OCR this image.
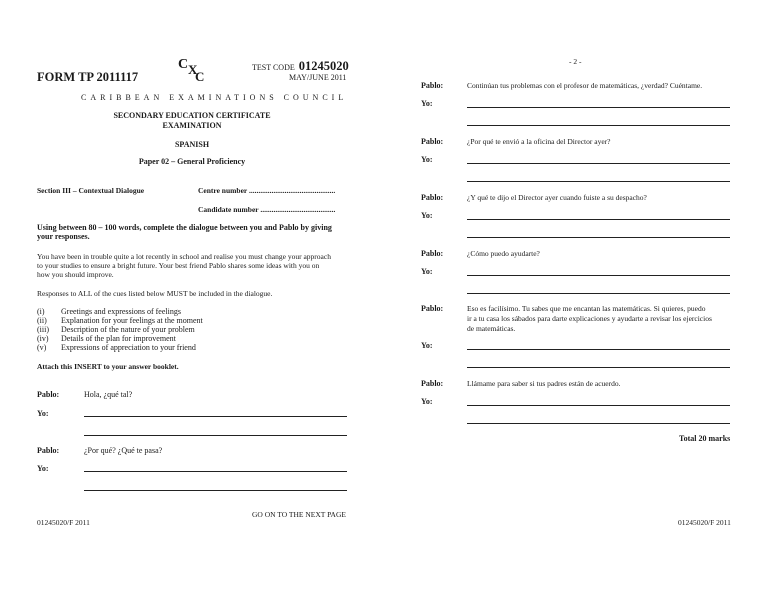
FORM TP 2011117
C X
C
TEST CODE 01245020
MAY/JUNE 2011
CARIBBEAN EXAMINATIONS COUNCIL
SECONDARY EDUCATION CERTIFICATE
EXAMINATION
SPANISH
Paper 02 – General Proficiency
Section III – Contextual Dialogue	Centre number ..............................................
Candidate number ........................................
Using between 80 – 100 words, complete the dialogue between you and Pablo by giving
your responses.
You have been in trouble quite a lot recently in school and realise you must change your approach
to your studies to ensure a bright future. Your best friend Pablo shares some ideas with you on
how you should improve.
Responses to ALL of the cues listed below MUST be included in the dialogue.
(i) Greetings and expressions of feelings
(ii) Explanation for your feelings at the moment
(iii) Description of the nature of your problem
(iv) Details of the plan for improvement
(v) Expressions of appreciation to your friend
Attach this INSERT to your answer booklet.
Pablo:	Hola, ¿qué tal?
Yo:
Pablo:	¿Por qué? ¿Qué te pasa?
Yo:
GO ON TO THE NEXT PAGE
01245020/F 2011
- 2 -
Pablo:	Continúan tus problemas con el profesor de matemáticas, ¿verdad? Cuéntame.
Yo:
Pablo:	¿Por qué te envió a la oficina del Director ayer?
Yo:
Pablo:	¿Y qué te dijo el Director ayer cuando fuiste a su despacho?
Yo:
Pablo:	¿Cómo puedo ayudarte?
Yo:
Pablo:	Eso es facilísimo. Tu sabes que me encantan las matemáticas. Si quieres, puedo
ir a tu casa los sábados para darte explicaciones y ayudarte a revisar los ejercicios
de matemáticas.
Yo:
Pablo:	Llámame para saber si tus padres están de acuerdo.
Yo:
Total 20 marks
01245020/F 2011
